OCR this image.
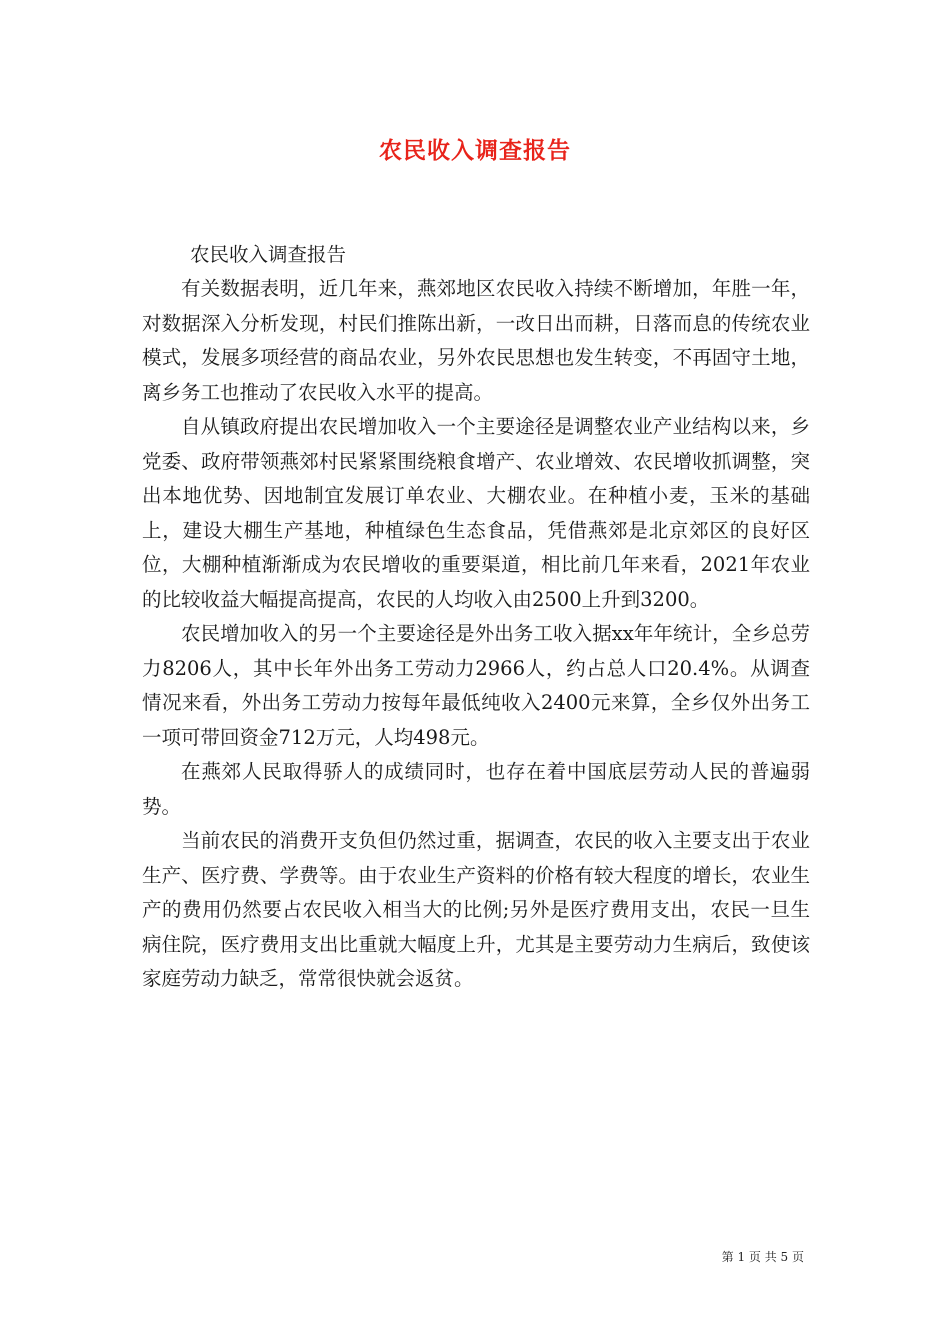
农民收入调查报告

农民收入调查报告

有关数据表明，近几年来，燕郊地区农民收入持续不断增加，年胜一年，对数据深入分析发现，村民们推陈出新，一改日出而耕，日落而息的传统农业模式，发展多项经营的商品农业，另外农民思想也发生转变，不再固守土地，离乡务工也推动了农民收入水平的提高。

自从镇政府提出农民增加收入一个主要途径是调整农业产业结构以来，乡党委、政府带领燕郊村民紧紧围绕粮食增产、农业增效、农民增收抓调整，突出本地优势、因地制宜发展订单农业、大棚农业。在种植小麦，玉米的基础上，建设大棚生产基地，种植绿色生态食品，凭借燕郊是北京郊区的良好区位，大棚种植渐渐成为农民增收的重要渠道，相比前几年来看，2021年农业的比较收益大幅提高提高，农民的人均收入由2500上升到3200。

农民增加收入的另一个主要途径是外出务工收入据xx年年统计，全乡总劳力8206人，其中长年外出务工劳动力2966人，约占总人口20.4%。从调查情况来看，外出务工劳动力按每年最低纯收入2400元来算，全乡仅外出务工一项可带回资金712万元，人均498元。

在燕郊人民取得骄人的成绩同时，也存在着中国底层劳动人民的普遍弱势。

当前农民的消费开支负但仍然过重，据调查，农民的收入主要支出于农业生产、医疗费、学费等。由于农业生产资料的价格有较大程度的增长，农业生产的费用仍然要占农民收入相当大的比例;另外是医疗费用支出，农民一旦生病住院，医疗费用支出比重就大幅度上升，尤其是主要劳动力生病后，致使该家庭劳动力缺乏，常常很快就会返贫。

第 1 页 共 5 页
